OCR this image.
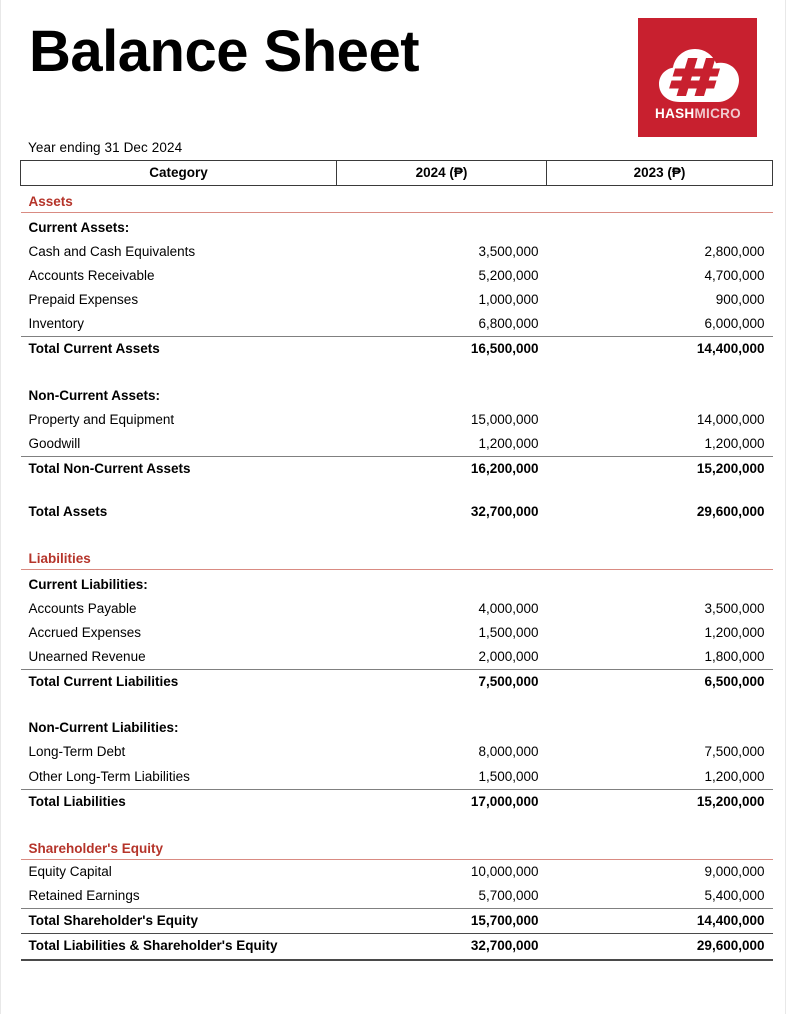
Balance Sheet
HASHMICRO
Year ending 31 Dec 2024
Category	2024 (₱)	2023 (₱)
Assets		
Current Assets:		
Cash and Cash Equivalents	3,500,000	2,800,000
Accounts Receivable	5,200,000	4,700,000
Prepaid Expenses	1,000,000	900,000
Inventory	6,800,000	6,000,000
Total Current Assets	16,500,000	14,400,000

Non-Current Assets:		
Property and Equipment	15,000,000	14,000,000
Goodwill	1,200,000	1,200,000
Total Non-Current Assets	16,200,000	15,200,000

Total Assets	32,700,000	29,600,000

Liabilities		
Current Liabilities:		
Accounts Payable	4,000,000	3,500,000
Accrued Expenses	1,500,000	1,200,000
Unearned Revenue	2,000,000	1,800,000
Total Current Liabilities	7,500,000	6,500,000

Non-Current Liabilities:		
Long-Term Debt	8,000,000	7,500,000
Other Long-Term Liabilities	1,500,000	1,200,000
Total Liabilities	17,000,000	15,200,000

Shareholder's Equity		
Equity Capital	10,000,000	9,000,000
Retained Earnings	5,700,000	5,400,000
Total Shareholder's Equity	15,700,000	14,400,000
Total Liabilities & Shareholder's Equity	32,700,000	29,600,000
